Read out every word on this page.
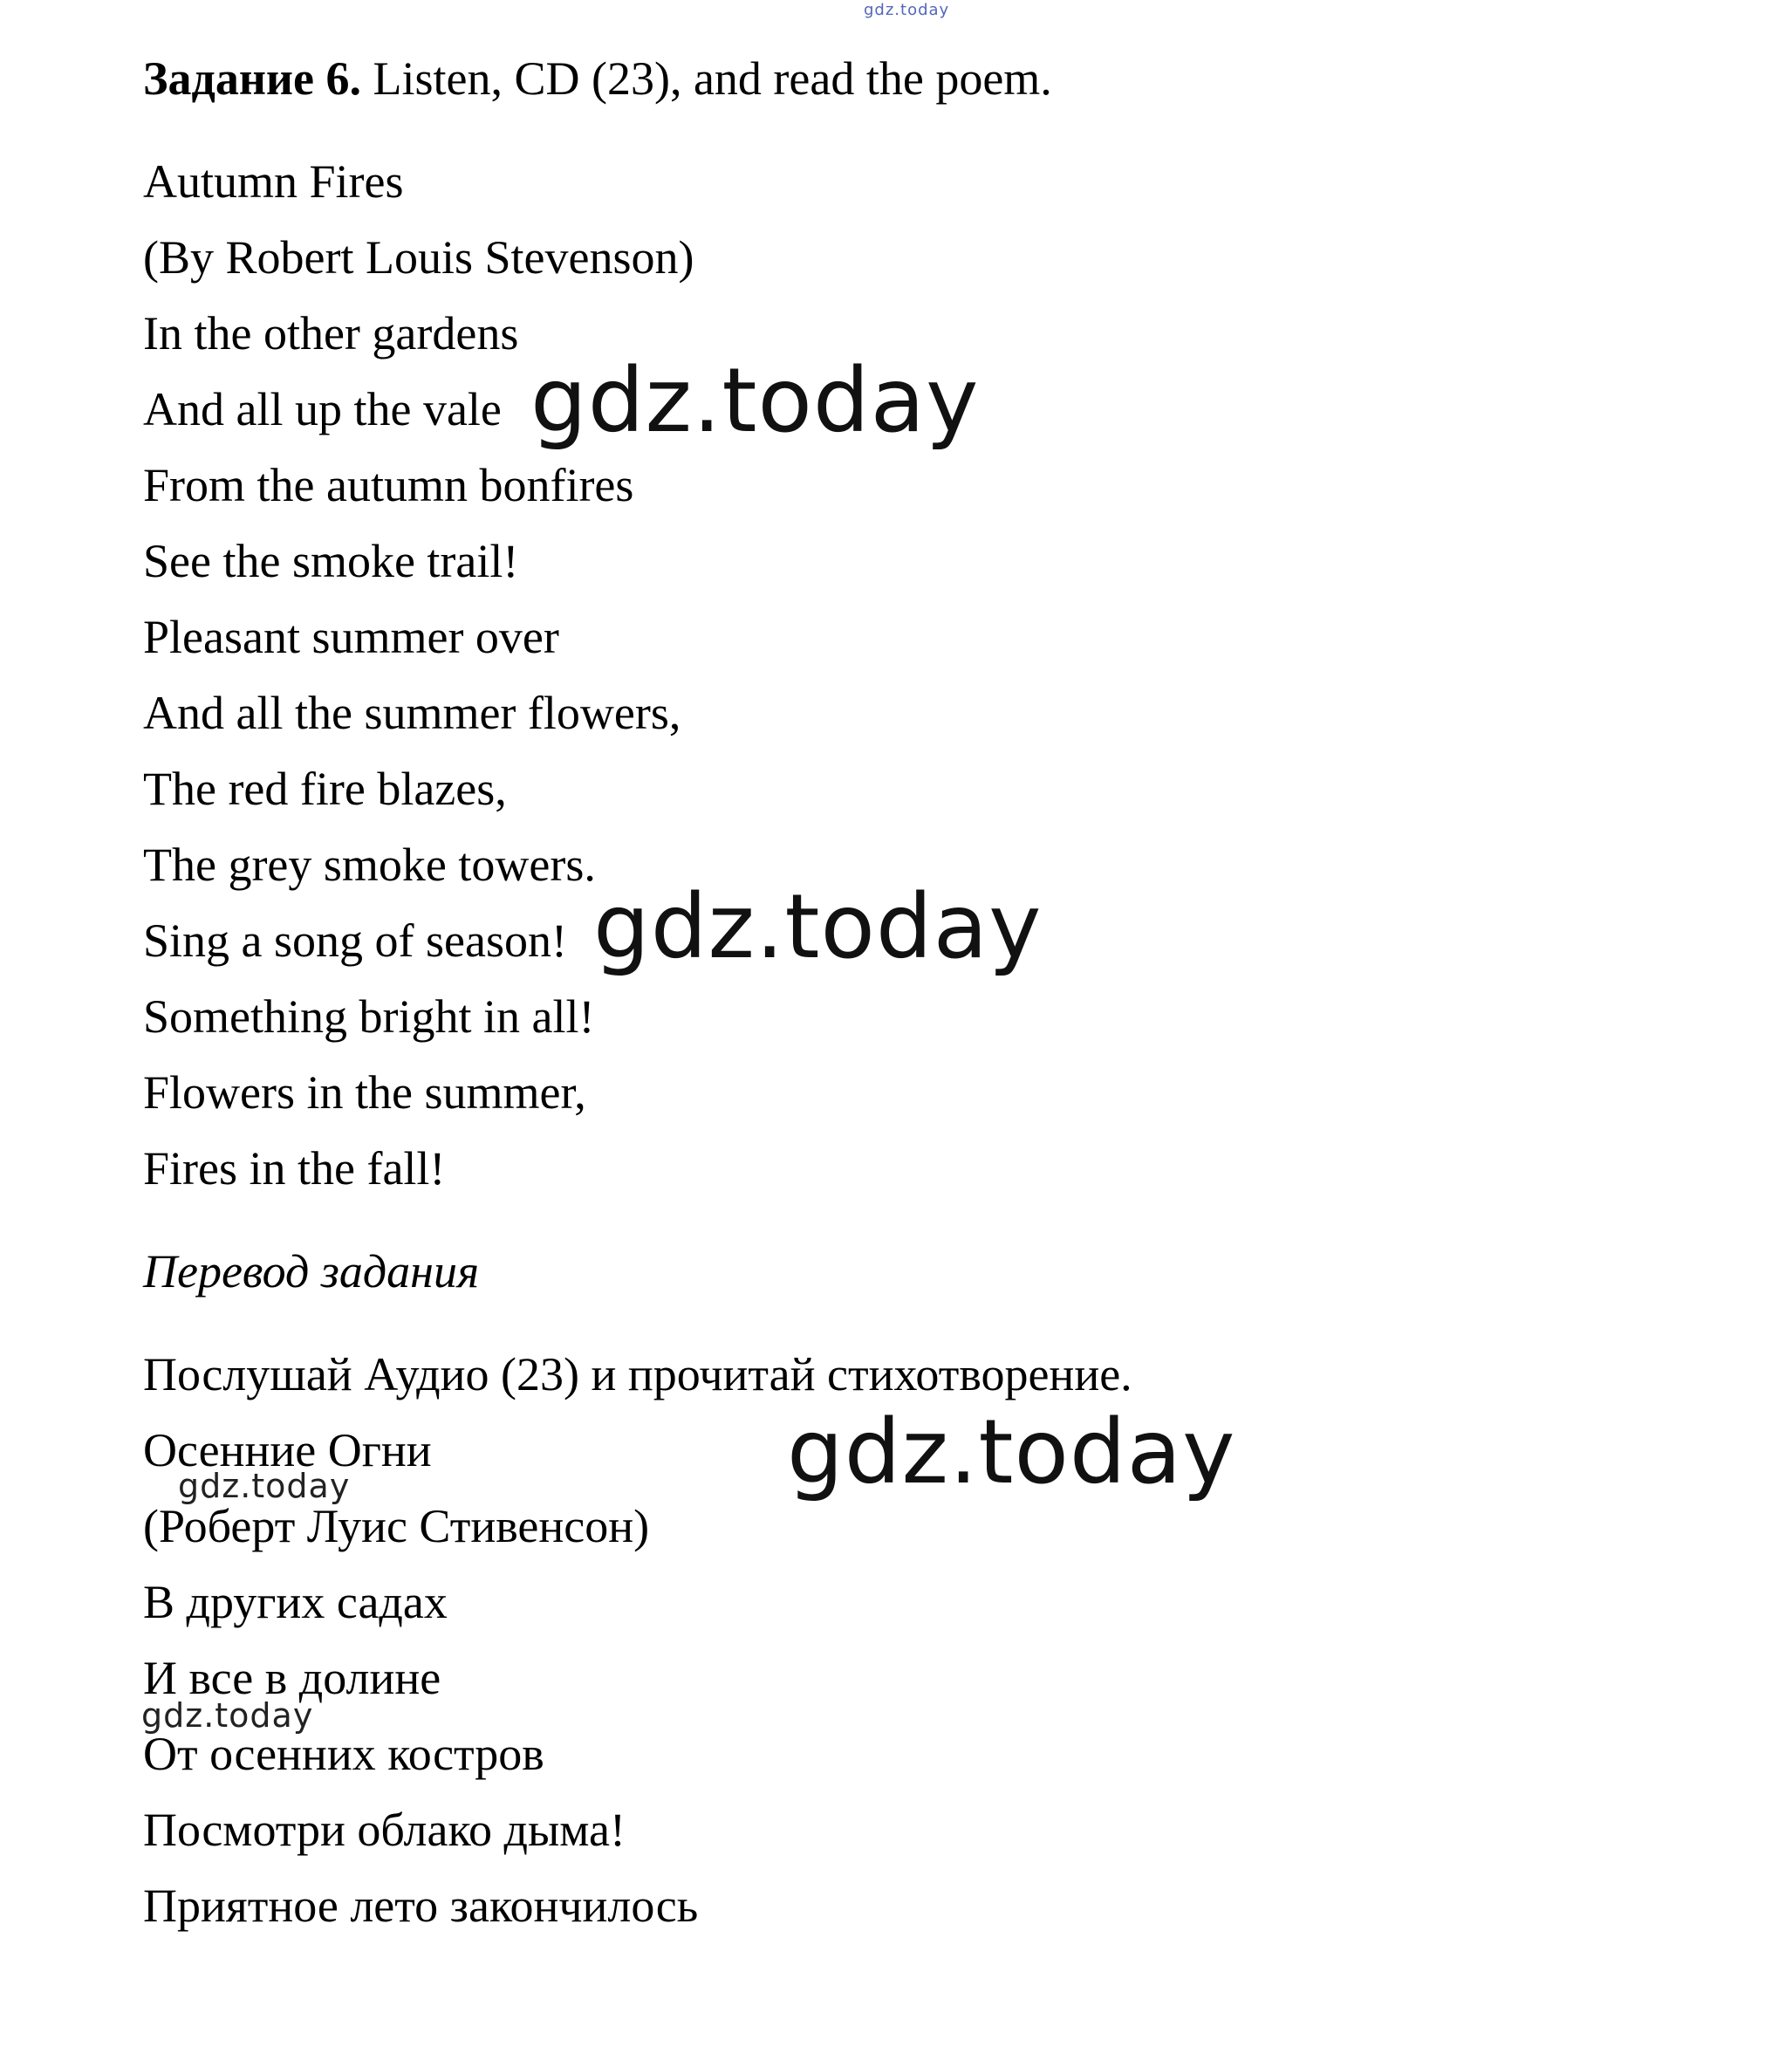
gdz.today
Задание 6. Listen, CD (23), and read the poem.
Autumn Fires
(By Robert Louis Stevenson)
In the other gardens
And all up the vale
From the autumn bonfires
See the smoke trail!
Pleasant summer over
And all the summer flowers,
The red fire blazes,
The grey smoke towers.
Sing a song of season!
Something bright in all!
Flowers in the summer,
Fires in the fall!
Перевод задания
Послушай Аудио (23) и прочитай стихотворение.
Осенние Огни
(Роберт Луис Стивенсон)
В других садах
И все в долине
От осенних костров
Посмотри облако дыма!
Приятное лето закончилось
gdz.today
gdz.today
gdz.today
gdz.today
gdz.today
